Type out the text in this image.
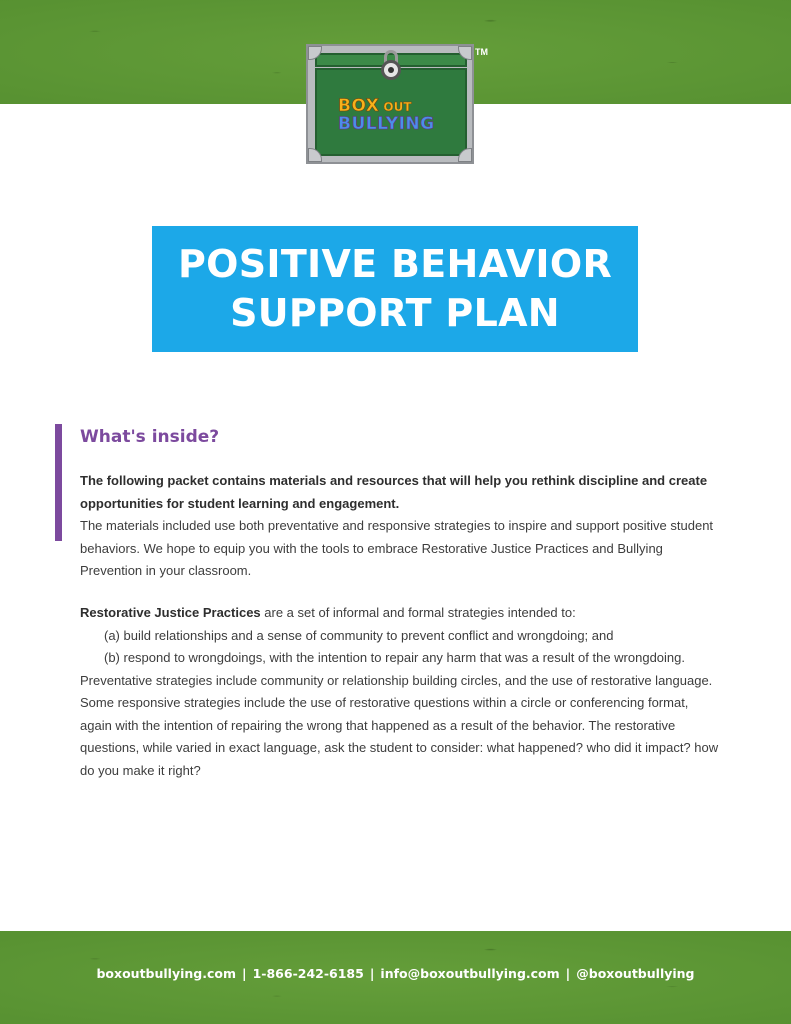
BOX OUT
BULLYING
TM
POSITIVE BEHAVIOR
SUPPORT PLAN
What's inside?
The following packet contains materials and resources that will help you rethink discipline and create opportunities for student learning and engagement.
The materials included use both preventative and responsive strategies to inspire and support positive student behaviors. We hope to equip you with the tools to embrace Restorative Justice Practices and Bullying Prevention in your classroom.
Restorative Justice Practices are a set of informal and formal strategies intended to:
(a) build relationships and a sense of community to prevent conflict and wrongdoing; and
(b) respond to wrongdoings, with the intention to repair any harm that was a result of the wrongdoing.
Preventative strategies include community or relationship building circles, and the use of restorative language. Some responsive strategies include the use of restorative questions within a circle or conferencing format, again with the intention of repairing the wrong that happened as a result of the behavior. The restorative questions, while varied in exact language, ask the student to consider: what happened? who did it impact? how do you make it right?
boxoutbullying.com | 1-866-242-6185 | info@boxoutbullying.com | @boxoutbullying
